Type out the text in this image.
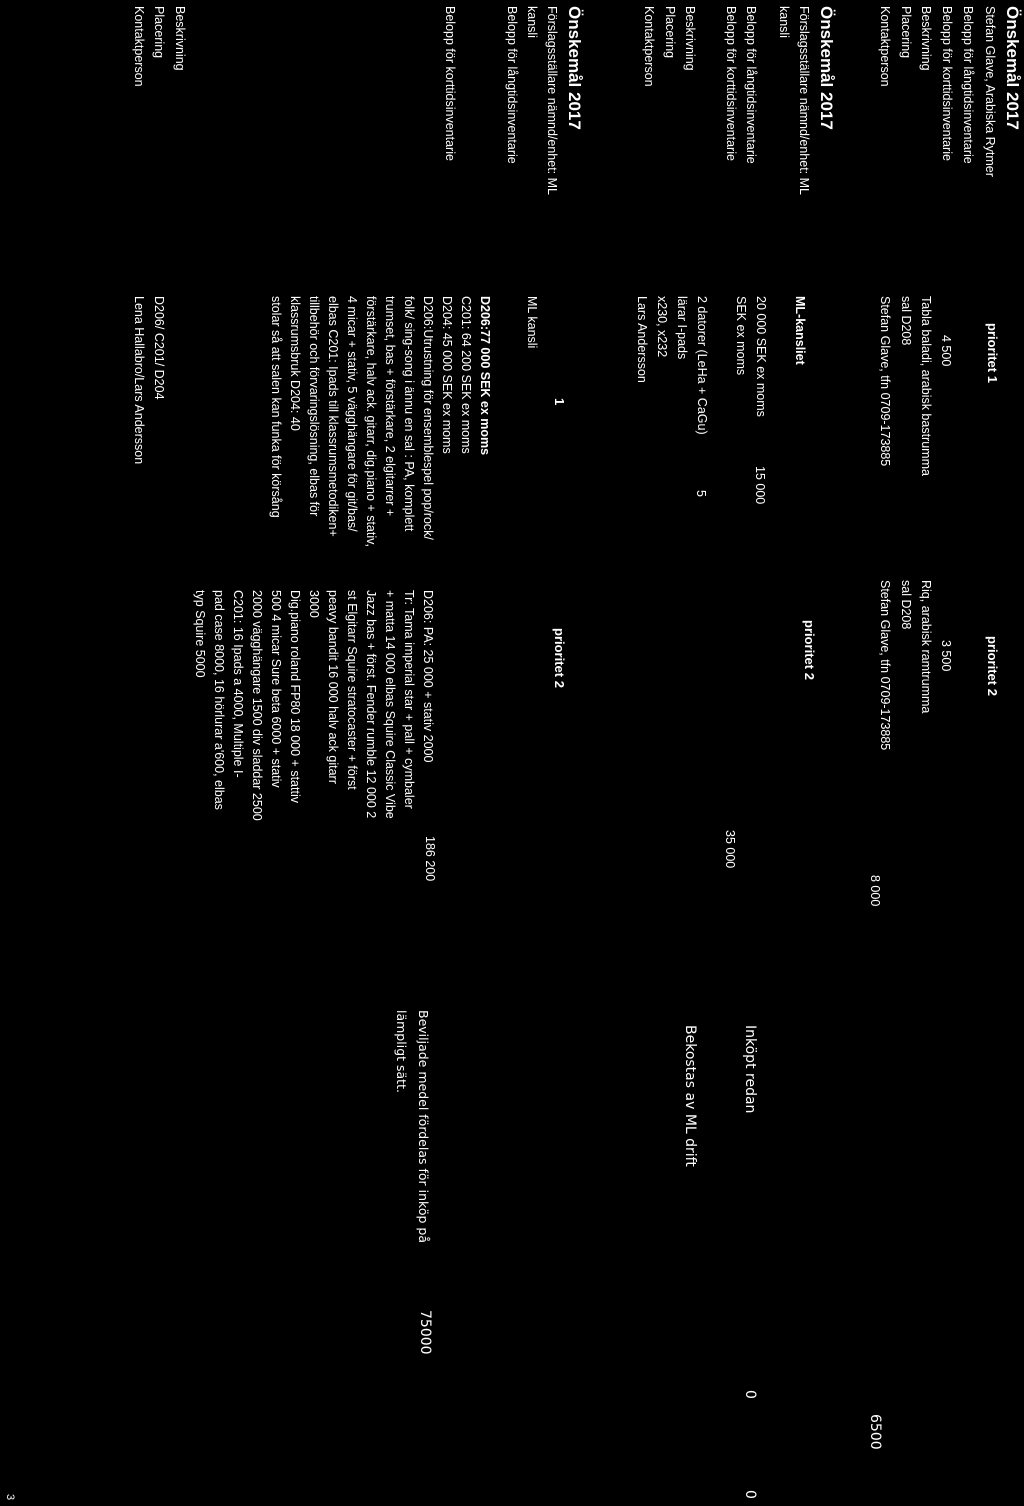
Önskemål 2017
Stefan Glave, Arabiska Rytmer
Belopp för långtidsinventarie
Belopp för korttidsinventarie
Beskrivning
Placering
Kontaktperson
prioritet 1
4 500
Tabla baladi, arabisk bastrumma
sal D208
Stefan Glave, tfn 0709-173885
prioritet 2
3 500
Riq, arabisk ramtrumma
sal D208
Stefan Glave, tfn 0709-173885
8 000
6500
Önskemål 2017
Förslagsställare nämnd/enhet: ML
kansli
Belopp för långtidsinventarie
Belopp för korttidsinventarie
Beskrivning
Placering
Kontaktperson
ML-kansliet
20 000 SEK ex moms
SEK ex moms
2 datorer (LeHa + CaGu)
lärar I-pads
x230, x232
Lars Andersson
prioritet 2
15 000
5
35 000
Inköpt redan
Bekostas av ML drift
0
0
Önskemål 2017
Förslagsställare nämnd/enhet: ML
kansli
Belopp för långtidsinventarie
Belopp för korttidsinventarie
Beskrivning
Placering
Kontaktperson
ML kansli
1
prioritet 2
D206:77 000 SEK ex moms
C201: 64 200 SEK ex moms
D204: 45 000 SEK ex moms
D206:Utrustning för ensemblespel pop/rock/
folk/ sing-song i ännu en sal : PA, komplett
trumset, bas + förstärkare, 2 elgitarrer +
förstärkare, halv ack. gitarr, dig.piano + stativ,
4 micar + stativ, 5 vägghängare för git/bas/
elbas C201: Ipads till klassrumsmetodiken+
tillbehör och förvaringslösning, elbas för
klassrumsbruk D204: 40
stolar så att salen kan funka för körsång
D206: PA: 25 000 + stativ 2000
Tr: Tama imperial star + pall + cymbaler
+ matta 14 000 elbas Squire Classic Vibe
Jazz bas + först. Fender rumble 12 000 2
st Elgitarr Squire stratocaster + först
peavy bandit 16 000 halv ack gitarr
3000
Dig.piano roland FP80 18 000 + stattiv
500 4 micar Sure beta 6000 + stativ
2000 vägghängare 1500 div sladdar 2500
C201: 16 Ipads a 4000, Multiple I-
pad case 8000, 16 hörlurar a'600, elbas
typ Squire 5000
D206/ C201/ D204
Lena Hallabro/Lars Andersson
186 200
Beviljade medel fördelas för inköp på
lämpligt sätt.
75000
3
